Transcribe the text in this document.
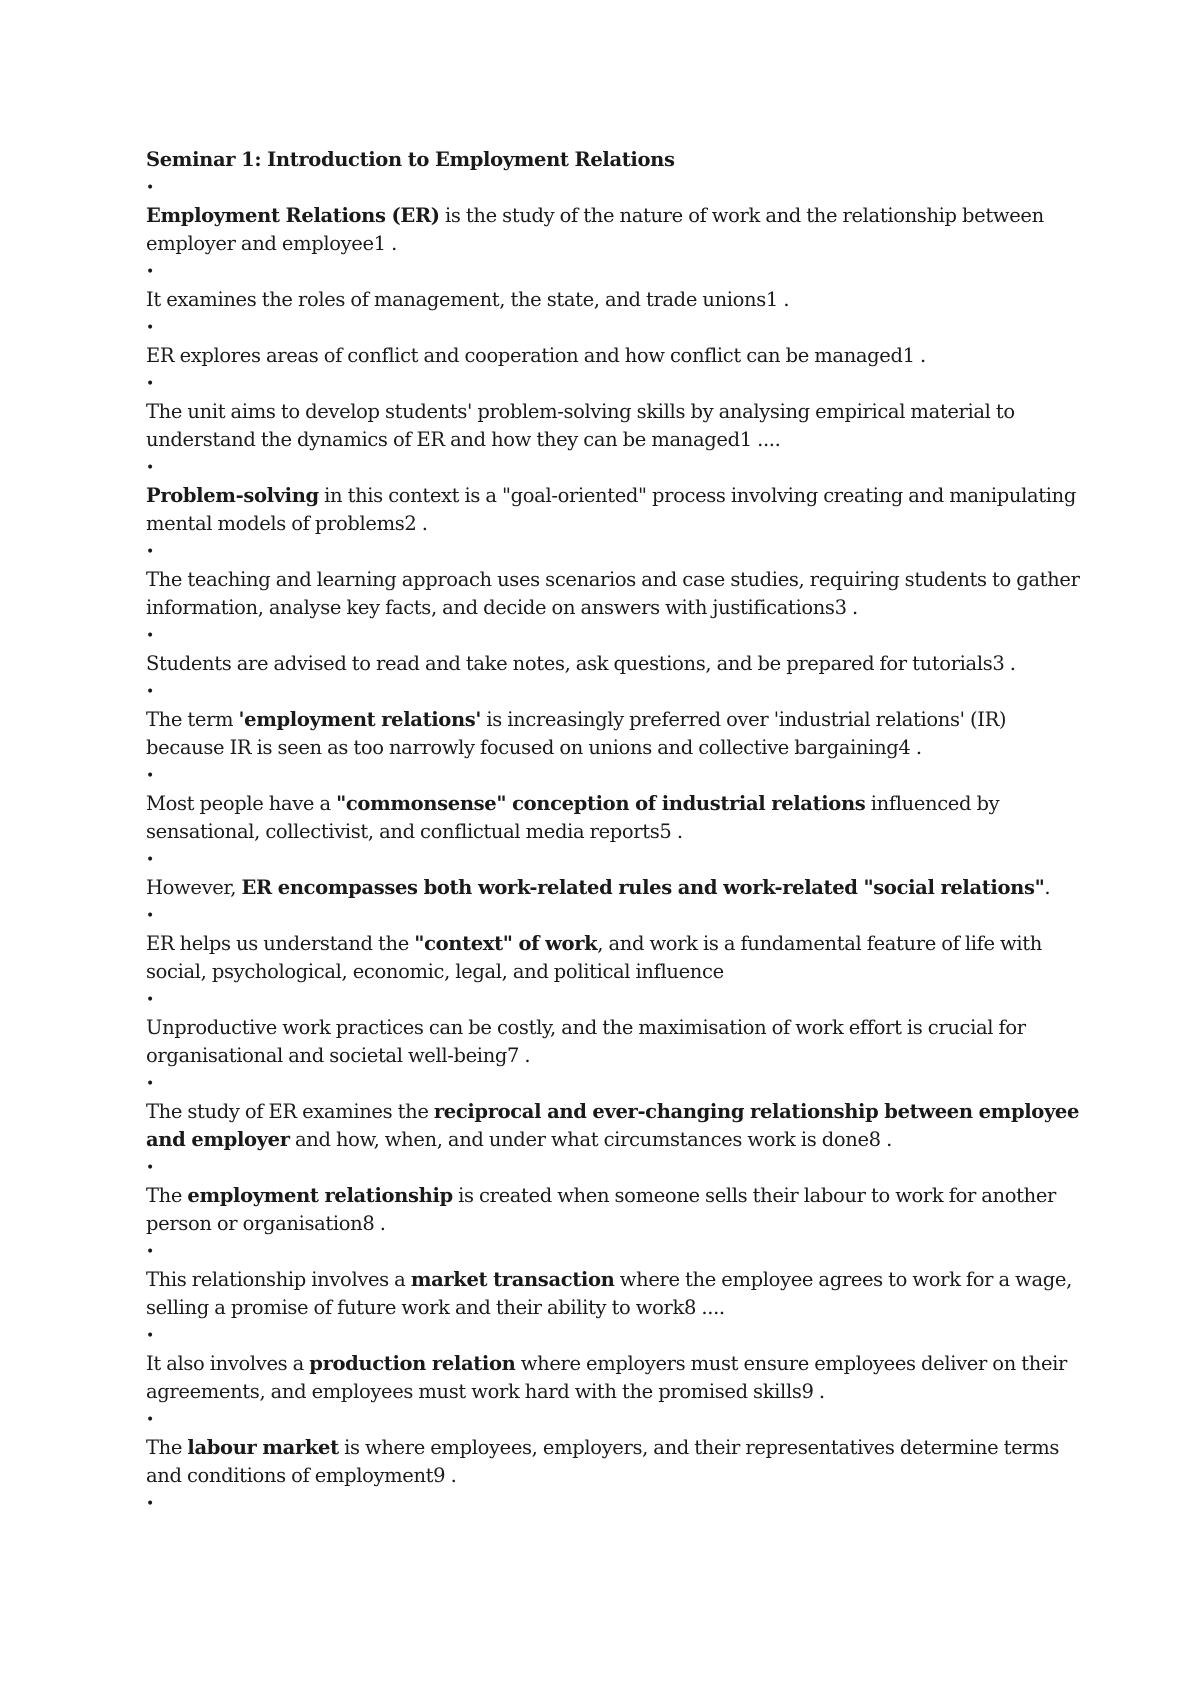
Seminar 1: Introduction to Employment Relations

•

Employment Relations (ER) is the study of the nature of work and the relationship between employer and employee1 .

•

It examines the roles of management, the state, and trade unions1 .

•

ER explores areas of conflict and cooperation and how conflict can be managed1 .

•

The unit aims to develop students' problem-solving skills by analysing empirical material to understand the dynamics of ER and how they can be managed1 ....

•

Problem-solving in this context is a "goal-oriented" process involving creating and manipulating mental models of problems2 .

•

The teaching and learning approach uses scenarios and case studies, requiring students to gather information, analyse key facts, and decide on answers with justifications3 .

•

Students are advised to read and take notes, ask questions, and be prepared for tutorials3 .

•

The term 'employment relations' is increasingly preferred over 'industrial relations' (IR) because IR is seen as too narrowly focused on unions and collective bargaining4 .

•

Most people have a "commonsense" conception of industrial relations influenced by sensational, collectivist, and conflictual media reports5 .

•

However, ER encompasses both work-related rules and work-related "social relations".

•

ER helps us understand the "context" of work, and work is a fundamental feature of life with social, psychological, economic, legal, and political influence

•

Unproductive work practices can be costly, and the maximisation of work effort is crucial for organisational and societal well-being7 .

•

The study of ER examines the reciprocal and ever-changing relationship between employee and employer and how, when, and under what circumstances work is done8 .

•

The employment relationship is created when someone sells their labour to work for another person or organisation8 .

•

This relationship involves a market transaction where the employee agrees to work for a wage, selling a promise of future work and their ability to work8 ....

•

It also involves a production relation where employers must ensure employees deliver on their agreements, and employees must work hard with the promised skills9 .

•

The labour market is where employees, employers, and their representatives determine terms and conditions of employment9 .

•
